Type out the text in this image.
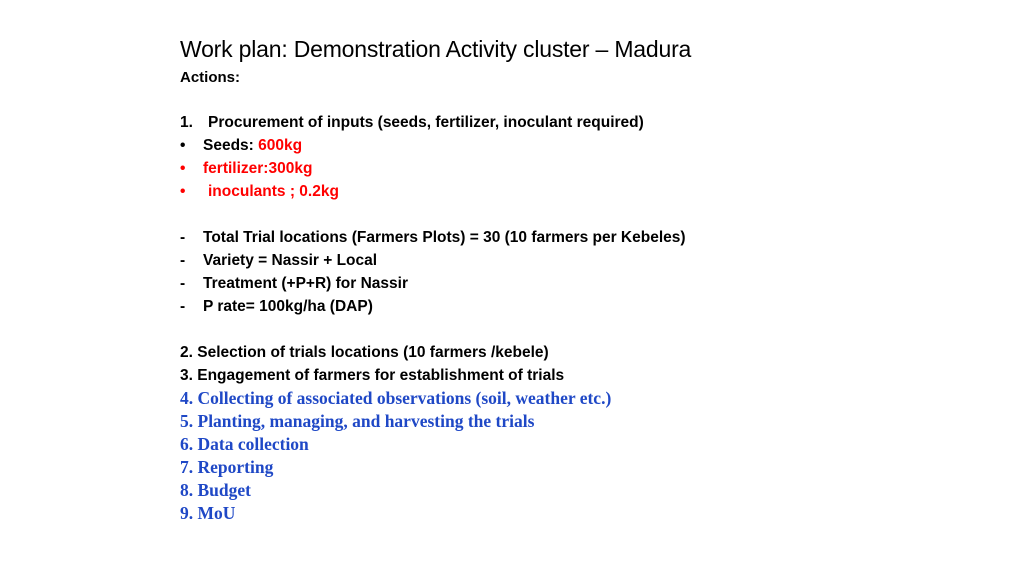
Work plan: Demonstration Activity cluster – Madura
Actions:
1. Procurement of inputs (seeds, fertilizer, inoculant required)
• Seeds: 600kg
• fertilizer:300kg
• inoculants ; 0.2kg
- Total Trial locations (Farmers Plots) = 30 (10 farmers per Kebeles)
- Variety = Nassir + Local
- Treatment (+P+R) for Nassir
- P rate= 100kg/ha (DAP)
2. Selection of trials locations (10 farmers /kebele)
3. Engagement of farmers for establishment of trials
4. Collecting of associated observations (soil, weather etc.)
5. Planting, managing, and harvesting the trials
6. Data collection
7. Reporting
8. Budget
9. MoU
